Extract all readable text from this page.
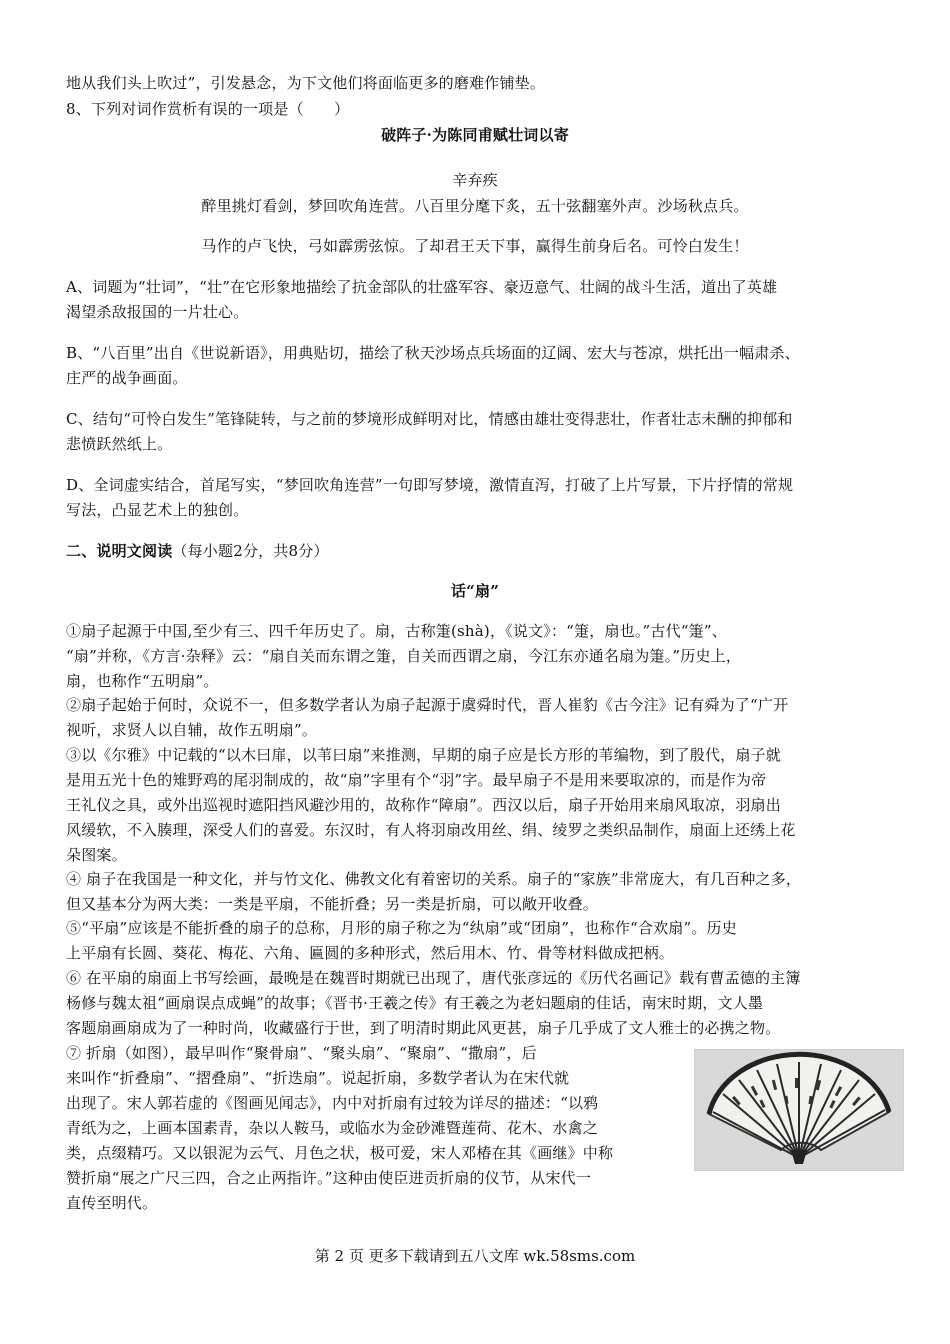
地从我们头上吹过”，引发悬念，为下文他们将面临更多的磨难作铺垫。
8、下列对词作赏析有误的一项是（　　）
破阵子·为陈同甫赋壮词以寄
辛弃疾
醉里挑灯看剑，梦回吹角连营。八百里分麾下炙，五十弦翻塞外声。沙场秋点兵。
马作的卢飞快，弓如霹雳弦惊。了却君王天下事，赢得生前身后名。可怜白发生！
A、词题为“壮词”，“壮”在它形象地描绘了抗金部队的壮盛军容、豪迈意气、壮阔的战斗生活，道出了英雄
渴望杀敌报国的一片壮心。
B、“八百里”出自《世说新语》，用典贴切，描绘了秋天沙场点兵场面的辽阔、宏大与苍凉，烘托出一幅肃杀、
庄严的战争画面。
C、结句“可怜白发生”笔锋陡转，与之前的梦境形成鲜明对比，情感由雄壮变得悲壮，作者壮志未酬的抑郁和
悲愤跃然纸上。
D、全词虚实结合，首尾写实，“梦回吹角连营”一句即写梦境，激情直泻，打破了上片写景，下片抒情的常规
写法，凸显艺术上的独创。
二、说明文阅读（每小题2分，共8分）
话“扇”
①扇子起源于中国,至少有三、四千年历史了。扇，古称箑(shà)，《说文》：“箑，扇也。”古代“箑”、
“扇”并称，《方言·杂释》云：“扇自关而东谓之箑，自关而西谓之扇，今江东亦通名扇为箑。”历史上，
扇，也称作“五明扇”。
②扇子起始于何时，众说不一，但多数学者认为扇子起源于虞舜时代，晋人崔豹《古今注》记有舜为了“广开
视听，求贤人以自辅，故作五明扇”。
③以《尔雅》中记载的“以木曰扉，以苇曰扇”来推测，早期的扇子应是长方形的苇编物，到了殷代，扇子就
是用五光十色的雉野鸡的尾羽制成的，故“扇”字里有个“羽”字。最早扇子不是用来要取凉的，而是作为帝
王礼仪之具，或外出巡视时遮阳挡风避沙用的，故称作“障扇”。西汉以后，扇子开始用来扇风取凉，羽扇出
风缓软，不入腠理，深受人们的喜爱。东汉时，有人将羽扇改用丝、绢、绫罗之类织品制作，扇面上还绣上花
朵图案。
④ 扇子在我国是一种文化，并与竹文化、佛教文化有着密切的关系。扇子的“家族”非常庞大，有几百种之多，
但又基本分为两大类：一类是平扇，不能折叠；另一类是折扇，可以敞开收叠。
⑤“平扇”应该是不能折叠的扇子的总称，月形的扇子称之为“纨扇”或“团扇”，也称作“合欢扇”。历史
上平扇有长圆、葵花、梅花、六角、匾圆的多种形式，然后用木、竹、骨等材料做成把柄。
⑥ 在平扇的扇面上书写绘画，最晚是在魏晋时期就已出现了，唐代张彦远的《历代名画记》载有曹孟德的主簿
杨修与魏太祖“画扇误点成蝇”的故事；《晋书·王羲之传》有王羲之为老妇题扇的佳话，南宋时期，文人墨
客题扇画扇成为了一种时尚，收藏盛行于世，到了明清时期此风更甚，扇子几乎成了文人雅士的必携之物。
⑦ 折扇（如图），最早叫作“聚骨扇”、“聚头扇”、“聚扇”、“撒扇”，后
来叫作“折叠扇”、“摺叠扇”、“折迭扇”。说起折扇，多数学者认为在宋代就
出现了。宋人郭若虚的《图画见闻志》，内中对折扇有过较为详尽的描述：“以鸦
青纸为之，上画本国素青，杂以人鞍马，或临水为金砂滩暨莲荷、花木、水禽之
类，点缀精巧。又以银泥为云气、月色之状，极可爱，宋人邓椿在其《画继》中称
赞折扇“展之广尺三四，合之止两指许。”这种由使臣进贡折扇的仪节，从宋代一
直传至明代。
第 2 页 更多下载请到五八文库 wk.58sms.com
